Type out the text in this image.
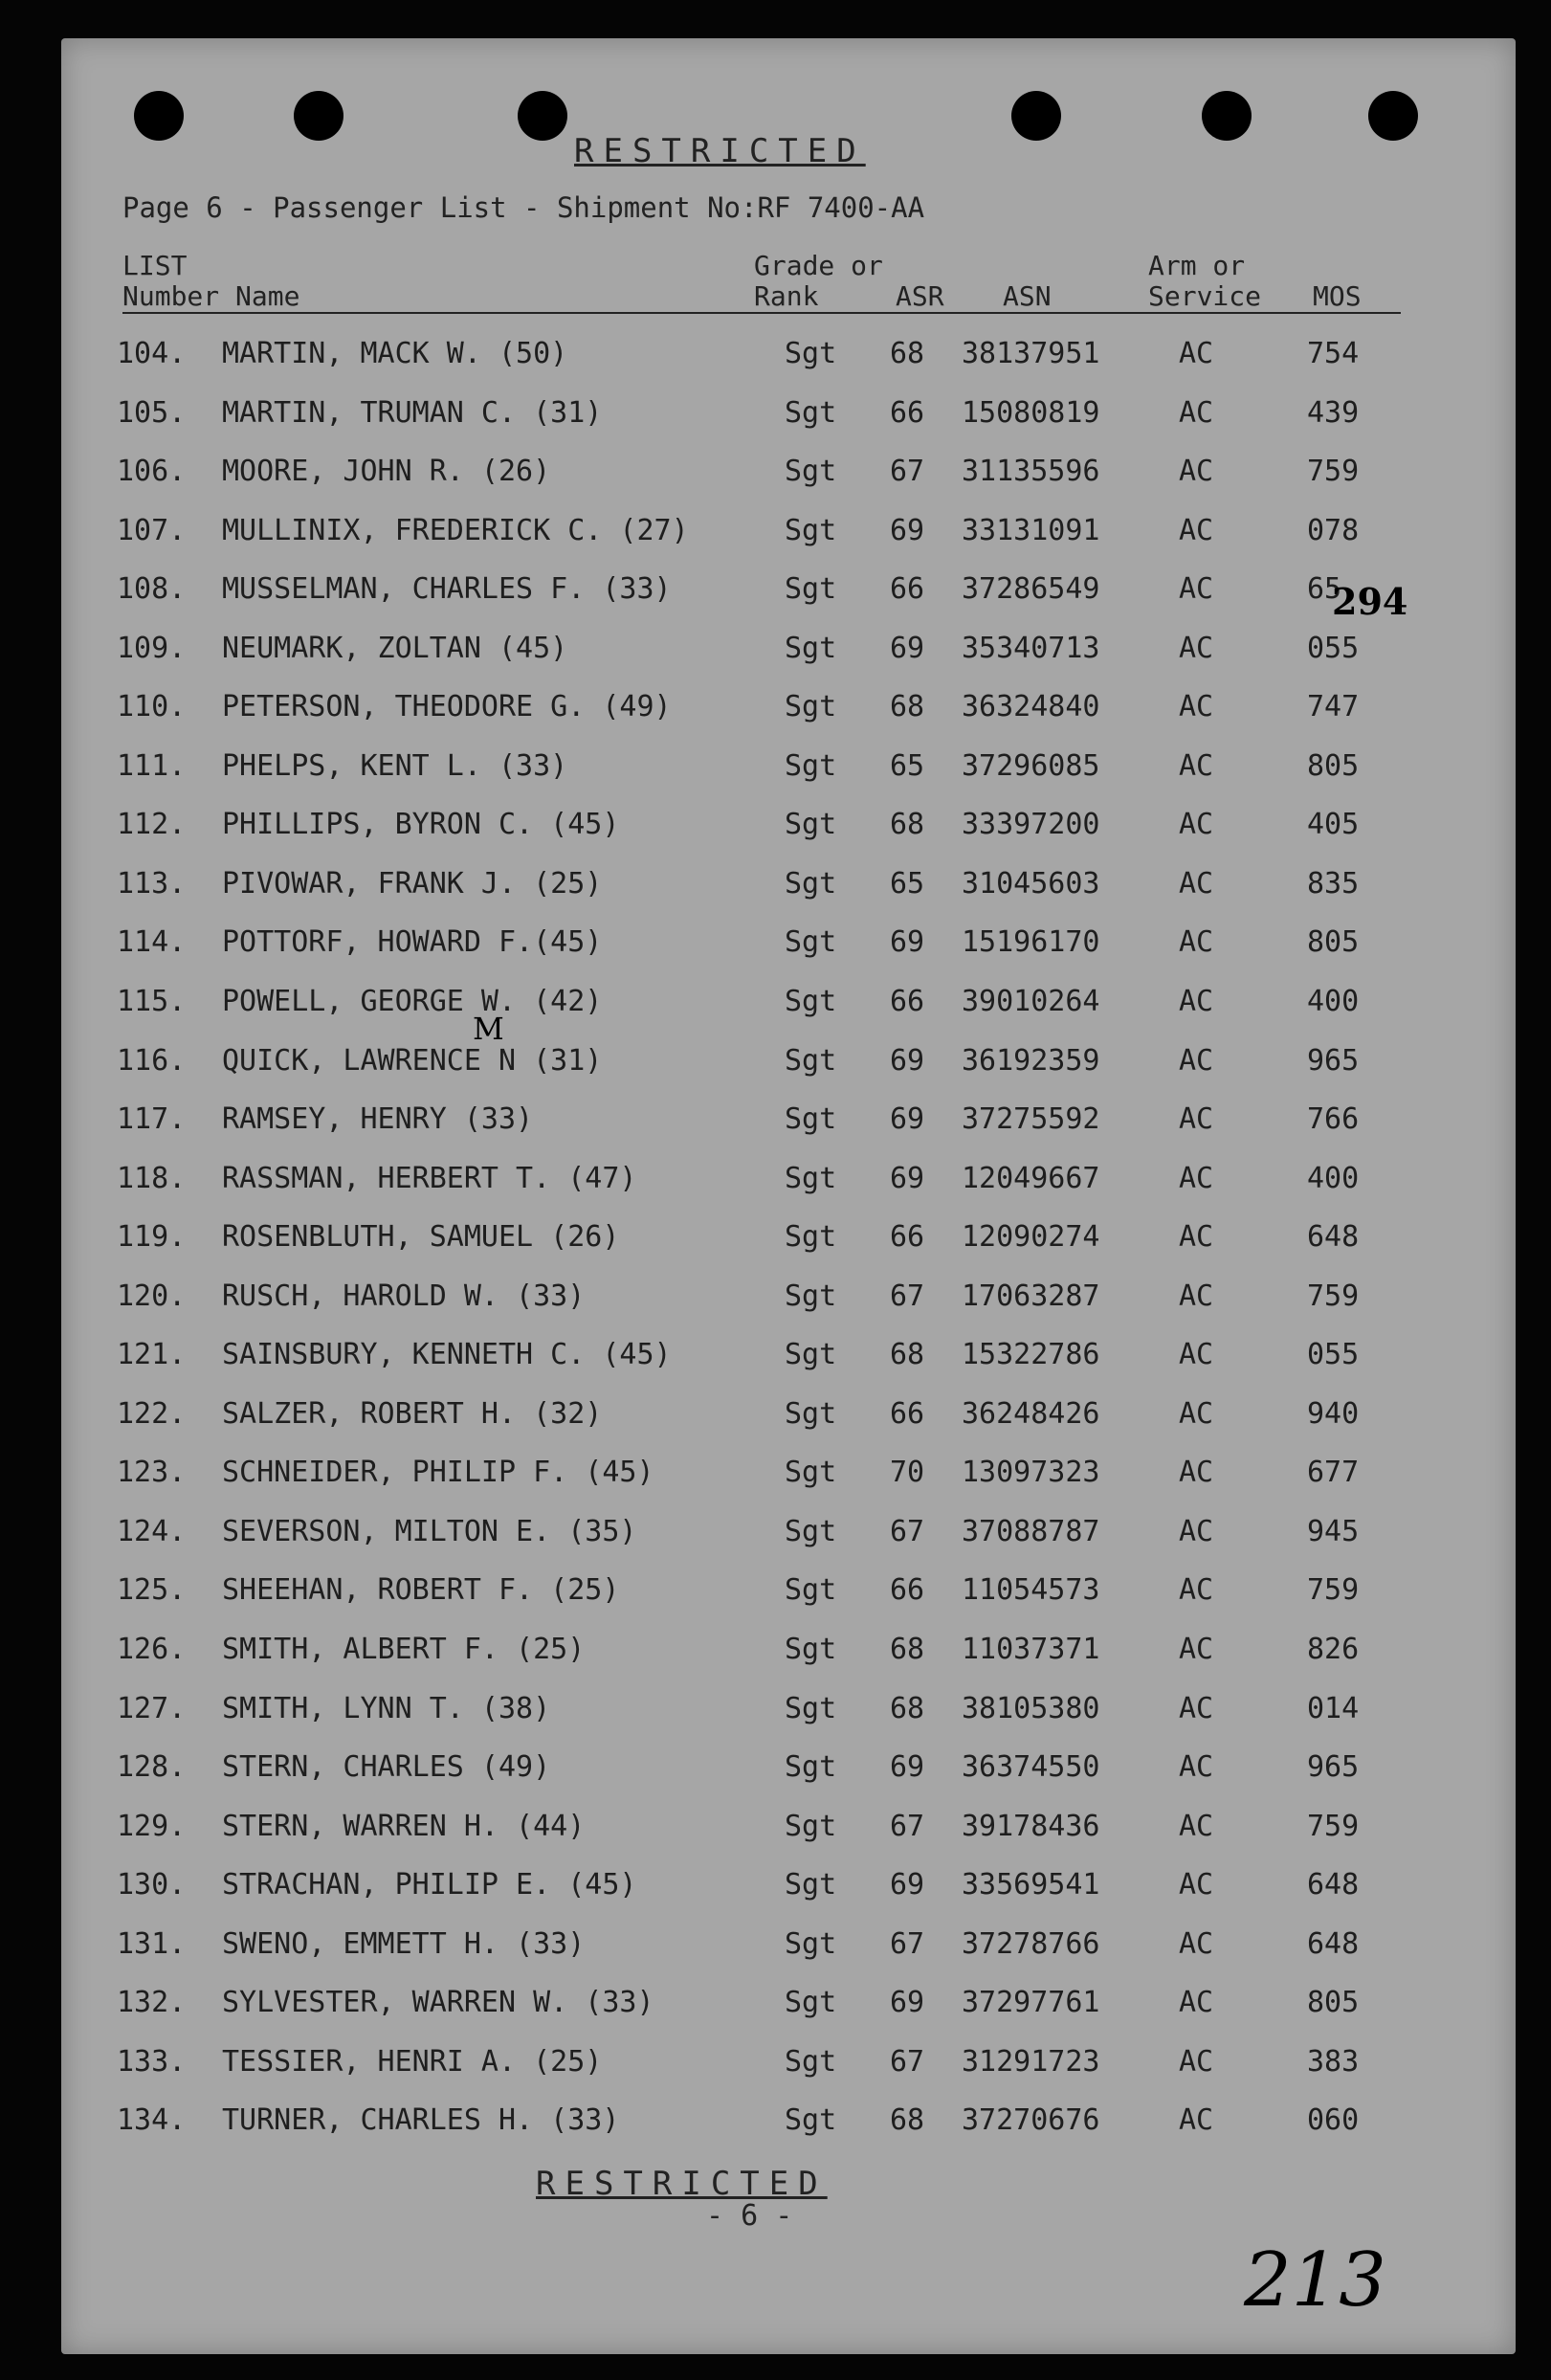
RESTRICTED
Page 6 - Passenger List - Shipment No:RF 7400-AA
LIST
Number Name
Grade or
Rank	ASR ASN
Arm or
Service MOS
104. MARTIN, MACK W. (50)	Sgt 68 38137951	AC	754
105. MARTIN, TRUMAN C. (31)	Sgt 66 15080819	AC	439
106. MOORE, JOHN R. (26)	Sgt 67 31135596	AC	759
107. MULLINIX, FREDERICK C. (27)	Sgt 69 33131091	AC	078
108. MUSSELMAN, CHARLES F. (33)	Sgt 66 37286549	AC	65
109. NEUMARK, ZOLTAN (45)	Sgt 69 35340713	AC	055
110. PETERSON, THEODORE G. (49)	Sgt 68 36324840	AC	747
111. PHELPS, KENT L. (33)	Sgt 65 37296085	AC	805
112. PHILLIPS, BYRON C. (45)	Sgt 68 33397200	AC	405
113. PIVOWAR, FRANK J. (25)	Sgt 65 31045603	AC	835
114. POTTORF, HOWARD F.(45)	Sgt 69 15196170	AC	805
115. POWELL, GEORGE W. (42)	Sgt 66 39010264	AC	400
116. QUICK, LAWRENCE N (31)	Sgt 69 36192359	AC	965
117. RAMSEY, HENRY (33)	Sgt 69 37275592	AC	766
118. RASSMAN, HERBERT T. (47)	Sgt 69 12049667	AC	400
119. ROSENBLUTH, SAMUEL (26)	Sgt 66 12090274	AC	648
120. RUSCH, HAROLD W. (33)	Sgt 67 17063287	AC	759
121. SAINSBURY, KENNETH C. (45)	Sgt 68 15322786	AC	055
122. SALZER, ROBERT H. (32)	Sgt 66 36248426	AC	940
123. SCHNEIDER, PHILIP F. (45)	Sgt 70 13097323	AC	677
124. SEVERSON, MILTON E. (35)	Sgt 67 37088787	AC	945
125. SHEEHAN, ROBERT F. (25)	Sgt 66 11054573	AC	759
126. SMITH, ALBERT F. (25)	Sgt 68 11037371	AC	826
127. SMITH, LYNN T. (38)	Sgt 68 38105380	AC	014
128. STERN, CHARLES (49)	Sgt 69 36374550	AC	965
129. STERN, WARREN H. (44)	Sgt 67 39178436	AC	759
130. STRACHAN, PHILIP E. (45)	Sgt 69 33569541	AC	648
131. SWENO, EMMETT H. (33)	Sgt 67 37278766	AC	648
132. SYLVESTER, WARREN W. (33)	Sgt 69 37297761	AC	805
133. TESSIER, HENRI A. (25)	Sgt 67 31291723	AC	383
134. TURNER, CHARLES H. (33)	Sgt 68 37270676	AC	060
294
M
RESTRICTED
- 6 -
213
